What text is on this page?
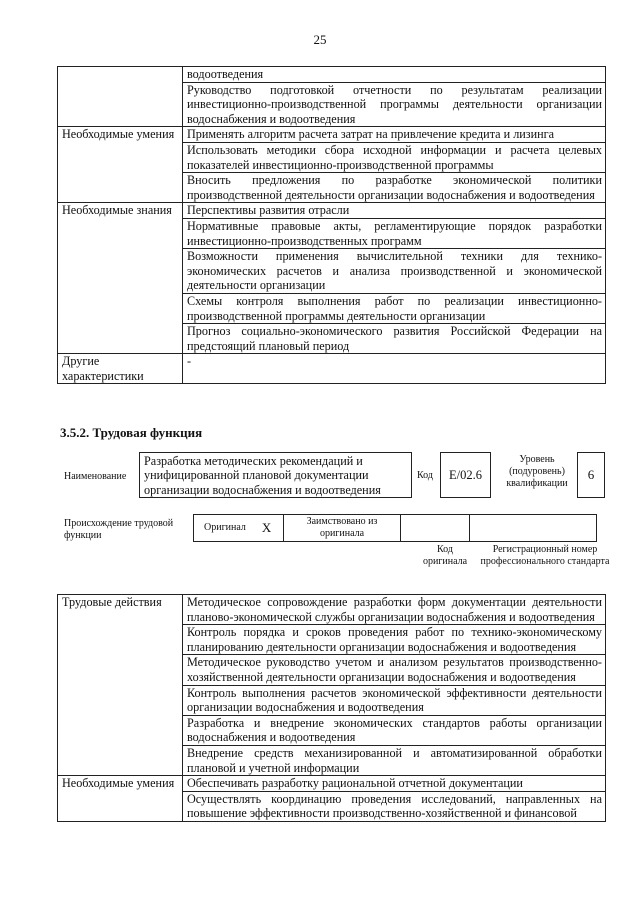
25
	водоотведения
	Руководство подготовкой отчетности по результатам реализации инвестиционно-производственной программы деятельности организации водоснабжения и водоотведения
Необходимые умения	Применять алгоритм расчета затрат на привлечение кредита и лизинга
	Использовать методики сбора исходной информации и расчета целевых показателей инвестиционно-производственной программы
	Вносить предложения по разработке экономической политики производственной деятельности организации водоснабжения и водоотведения
Необходимые знания	Перспективы развития отрасли
	Нормативные правовые акты, регламентирующие порядок разработки инвестиционно-производственных программ
	Возможности применения вычислительной техники для технико-экономических расчетов и анализа производственной и экономической деятельности организации
	Схемы контроля выполнения работ по реализации инвестиционно-производственной программы деятельности организации
	Прогноз социально-экономического развития Российской Федерации на предстоящий плановый период
Другие характеристики	-
3.5.2. Трудовая функция
Наименование
Разработка методических рекомендаций и унифицированной плановой документации организации водоснабжения и водоотведения
Код	E/02.6
Уровень (подуровень) квалификации
6
Происхождение трудовой функции
Оригинал X	Заимствовано из оригинала
Код оригинала
Регистрационный номер профессионального стандарта
Трудовые действия	Методическое сопровождение разработки форм документации деятельности планово-экономической службы организации водоснабжения и водоотведения
	Контроль порядка и сроков проведения работ по технико-экономическому планированию деятельности организации водоснабжения и водоотведения
	Методическое руководство учетом и анализом результатов производственно-хозяйственной деятельности организации водоснабжения и водоотведения
	Контроль выполнения расчетов экономической эффективности деятельности организации водоснабжения и водоотведения
	Разработка и внедрение экономических стандартов работы организации водоснабжения и водоотведения
	Внедрение средств механизированной и автоматизированной обработки плановой и учетной информации
Необходимые умения	Обеспечивать разработку рациональной отчетной документации
	Осуществлять координацию проведения исследований, направленных на повышение эффективности производственно-хозяйственной и финансовой
